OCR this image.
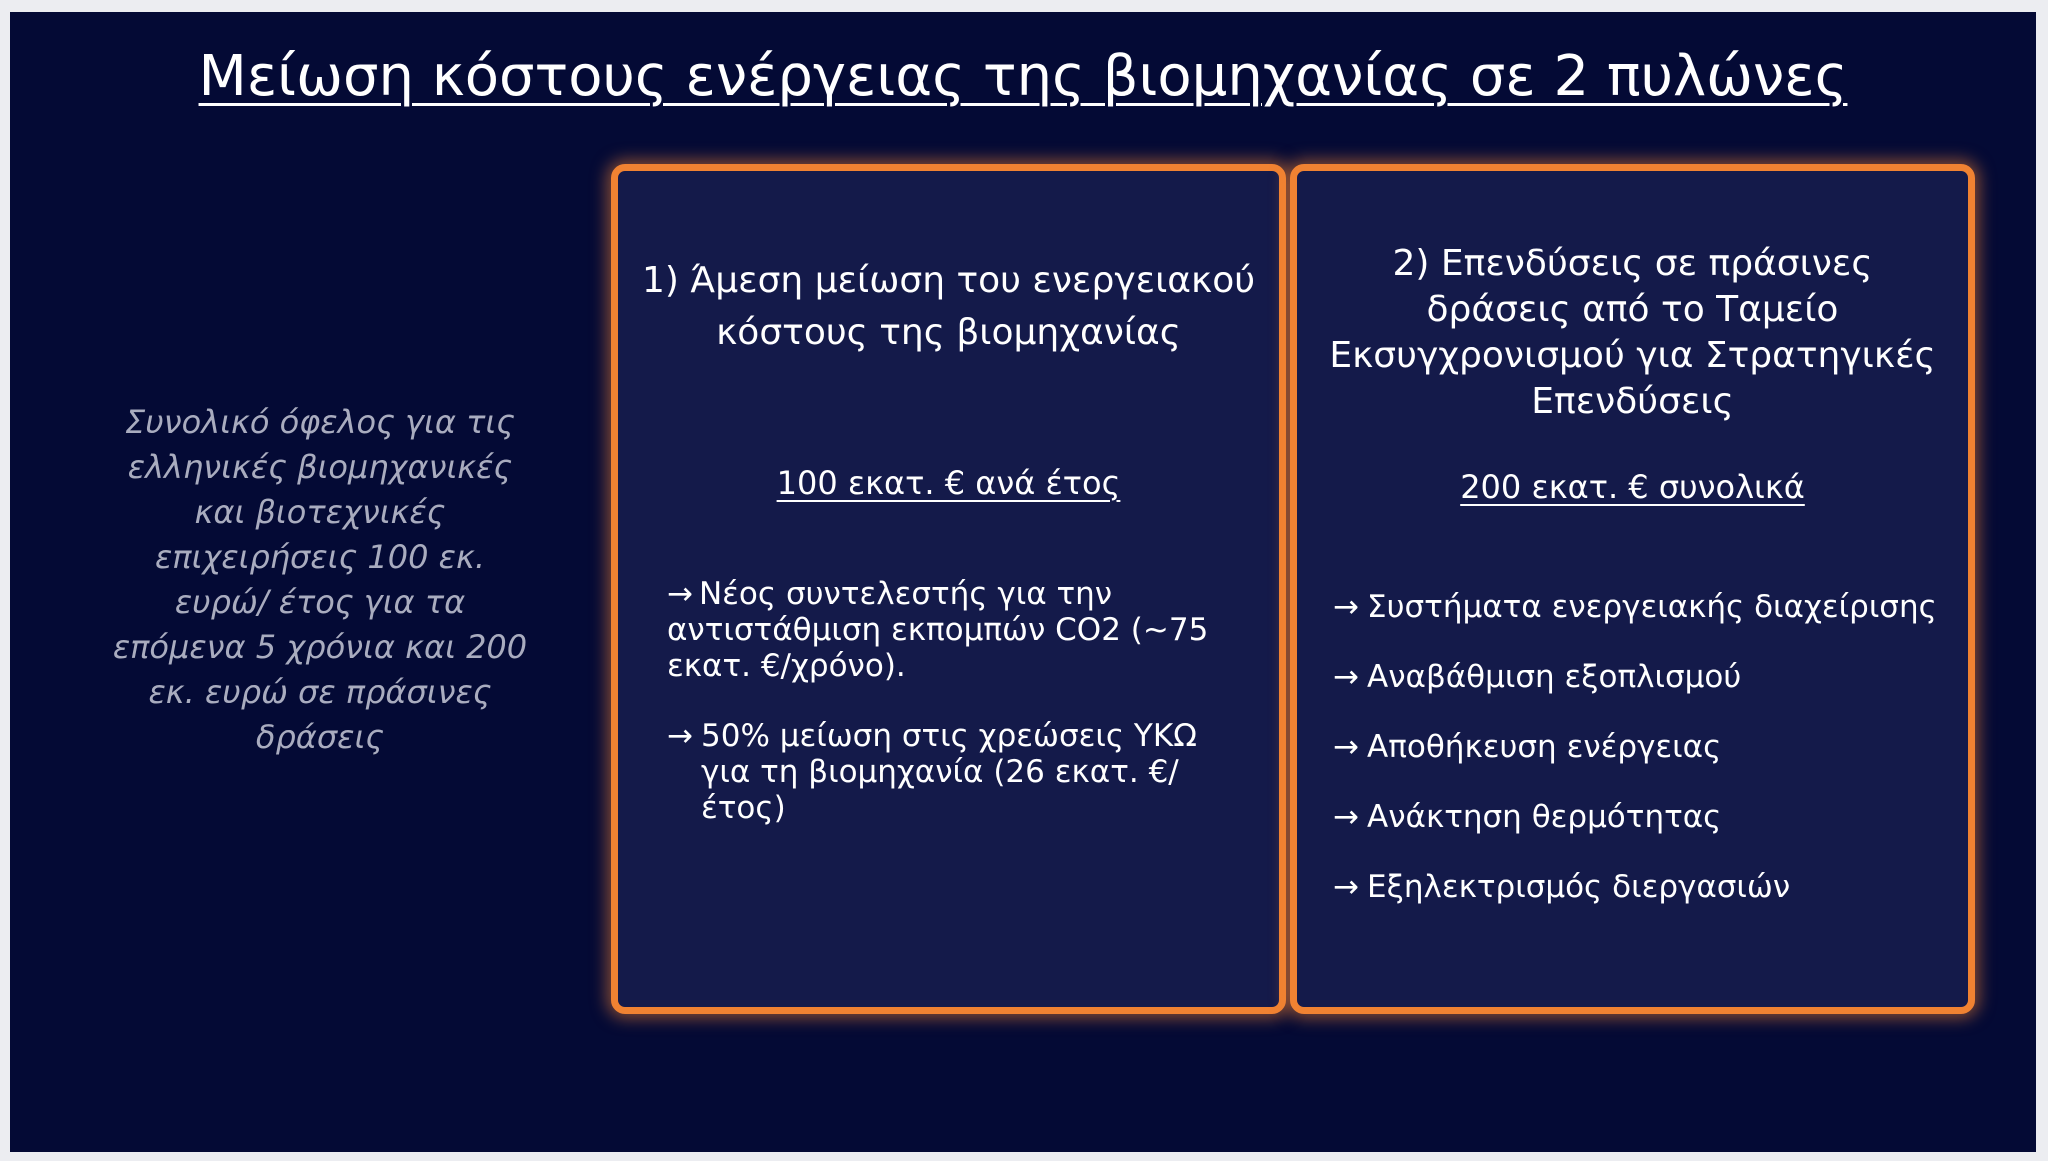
Μείωση κόστους ενέργειας της βιομηχανίας σε 2 πυλώνες
Συνολικό όφελος για τις ελληνικές βιομηχανικές και βιοτεχνικές επιχειρήσεις 100 εκ. ευρώ/ έτος για τα επόμενα 5 χρόνια και 200 εκ. ευρώ σε πράσινες δράσεις
1) Άμεση μείωση του ενεργειακού κόστους της βιομηχανίας
100 εκατ. € ανά έτος
→ Νέος συντελεστής για την αντιστάθμιση εκπομπών CO2 (~75 εκατ. €/χρόνο).
→ 50% μείωση στις χρεώσεις ΥΚΩ για τη βιομηχανία (26 εκατ. €/ έτος)
2) Επενδύσεις σε πράσινες δράσεις από το Ταμείο Εκσυγχρονισμού για Στρατηγικές Επενδύσεις
200 εκατ. € συνολικά
→ Συστήματα ενεργειακής διαχείρισης
→ Αναβάθμιση εξοπλισμού
→ Αποθήκευση ενέργειας
→ Ανάκτηση θερμότητας
→ Εξηλεκτρισμός διεργασιών
